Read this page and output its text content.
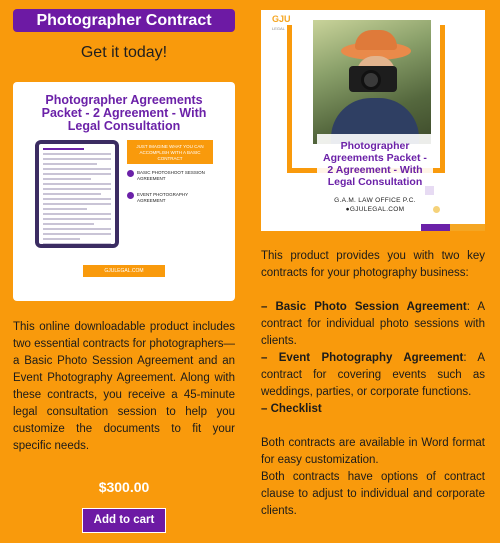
Photographer Contract
Get it today!
Photographer Agreements Packet - 2 Agreement - With Legal Consultation
JUST IMAGINE WHAT YOU CAN ACCOMPLISH WITH A BASIC CONTRACT
BASIC PHOTOSHOOT SESSION AGREEMENT
EVENT PHOTOGRAPHY AGREEMENT
GJULEGAL.COM
This online downloadable product includes two essential contracts for photographers—a Basic Photo Session Agreement and an Event Photography Agreement. Along with these contracts, you receive a 45-minute legal consultation session to help you customize the documents to fit your specific needs.
$300.00
Add to cart
GJU
LEGAL
Photographer Agreements Packet - 2 Agreement - With Legal Consultation
G.A.M. LAW OFFICE P.C.
●GJULEGAL.COM

This product provides you with two key contracts for your photography business:

– Basic Photo Session Agreement: A contract for individual photo sessions with clients.

– Event Photography Agreement: A contract for covering events such as weddings, parties, or corporate functions.

– Checklist

Both contracts are available in Word format for easy customization.

Both contracts have options of contract clause to adjust to individual and corporate clients.
